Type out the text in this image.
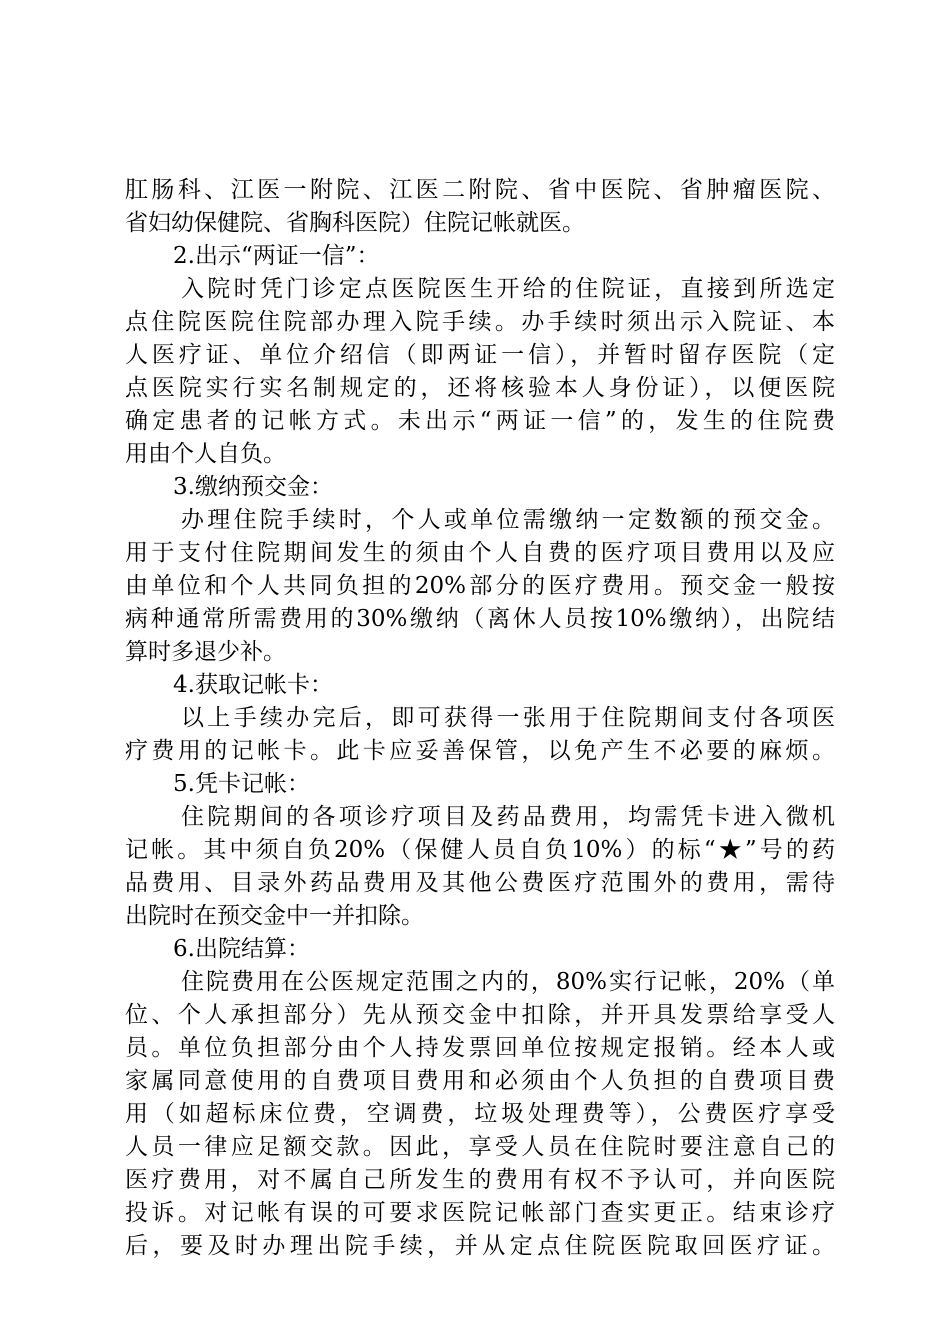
肛肠科、江医一附院、江医二附院、省中医院、省肿瘤医院、
省妇幼保健院、省胸科医院）住院记帐就医。
2.出示“两证一信”：
入院时凭门诊定点医院医生开给的住院证，直接到所选定
点住院医院住院部办理入院手续。办手续时须出示入院证、本
人医疗证、单位介绍信（即两证一信），并暂时留存医院（定
点医院实行实名制规定的，还将核验本人身份证），以便医院
确定患者的记帐方式。未出示“两证一信”的，发生的住院费
用由个人自负。
3.缴纳预交金：
办理住院手续时，个人或单位需缴纳一定数额的预交金。
用于支付住院期间发生的须由个人自费的医疗项目费用以及应
由单位和个人共同负担的20%部分的医疗费用。预交金一般按
病种通常所需费用的30%缴纳（离休人员按10%缴纳），出院结
算时多退少补。
4.获取记帐卡：
以上手续办完后，即可获得一张用于住院期间支付各项医
疗费用的记帐卡。此卡应妥善保管，以免产生不必要的麻烦。
5.凭卡记帐：
住院期间的各项诊疗项目及药品费用，均需凭卡进入微机
记帐。其中须自负20%（保健人员自负10%）的标“★”号的药
品费用、目录外药品费用及其他公费医疗范围外的费用，需待
出院时在预交金中一并扣除。
6.出院结算：
住院费用在公医规定范围之内的，80%实行记帐，20%（单
位、个人承担部分）先从预交金中扣除，并开具发票给享受人
员。单位负担部分由个人持发票回单位按规定报销。经本人或
家属同意使用的自费项目费用和必须由个人负担的自费项目费
用（如超标床位费，空调费，垃圾处理费等），公费医疗享受
人员一律应足额交款。因此，享受人员在住院时要注意自己的
医疗费用，对不属自己所发生的费用有权不予认可，并向医院
投诉。对记帐有误的可要求医院记帐部门查实更正。结束诊疗
后，要及时办理出院手续，并从定点住院医院取回医疗证。
